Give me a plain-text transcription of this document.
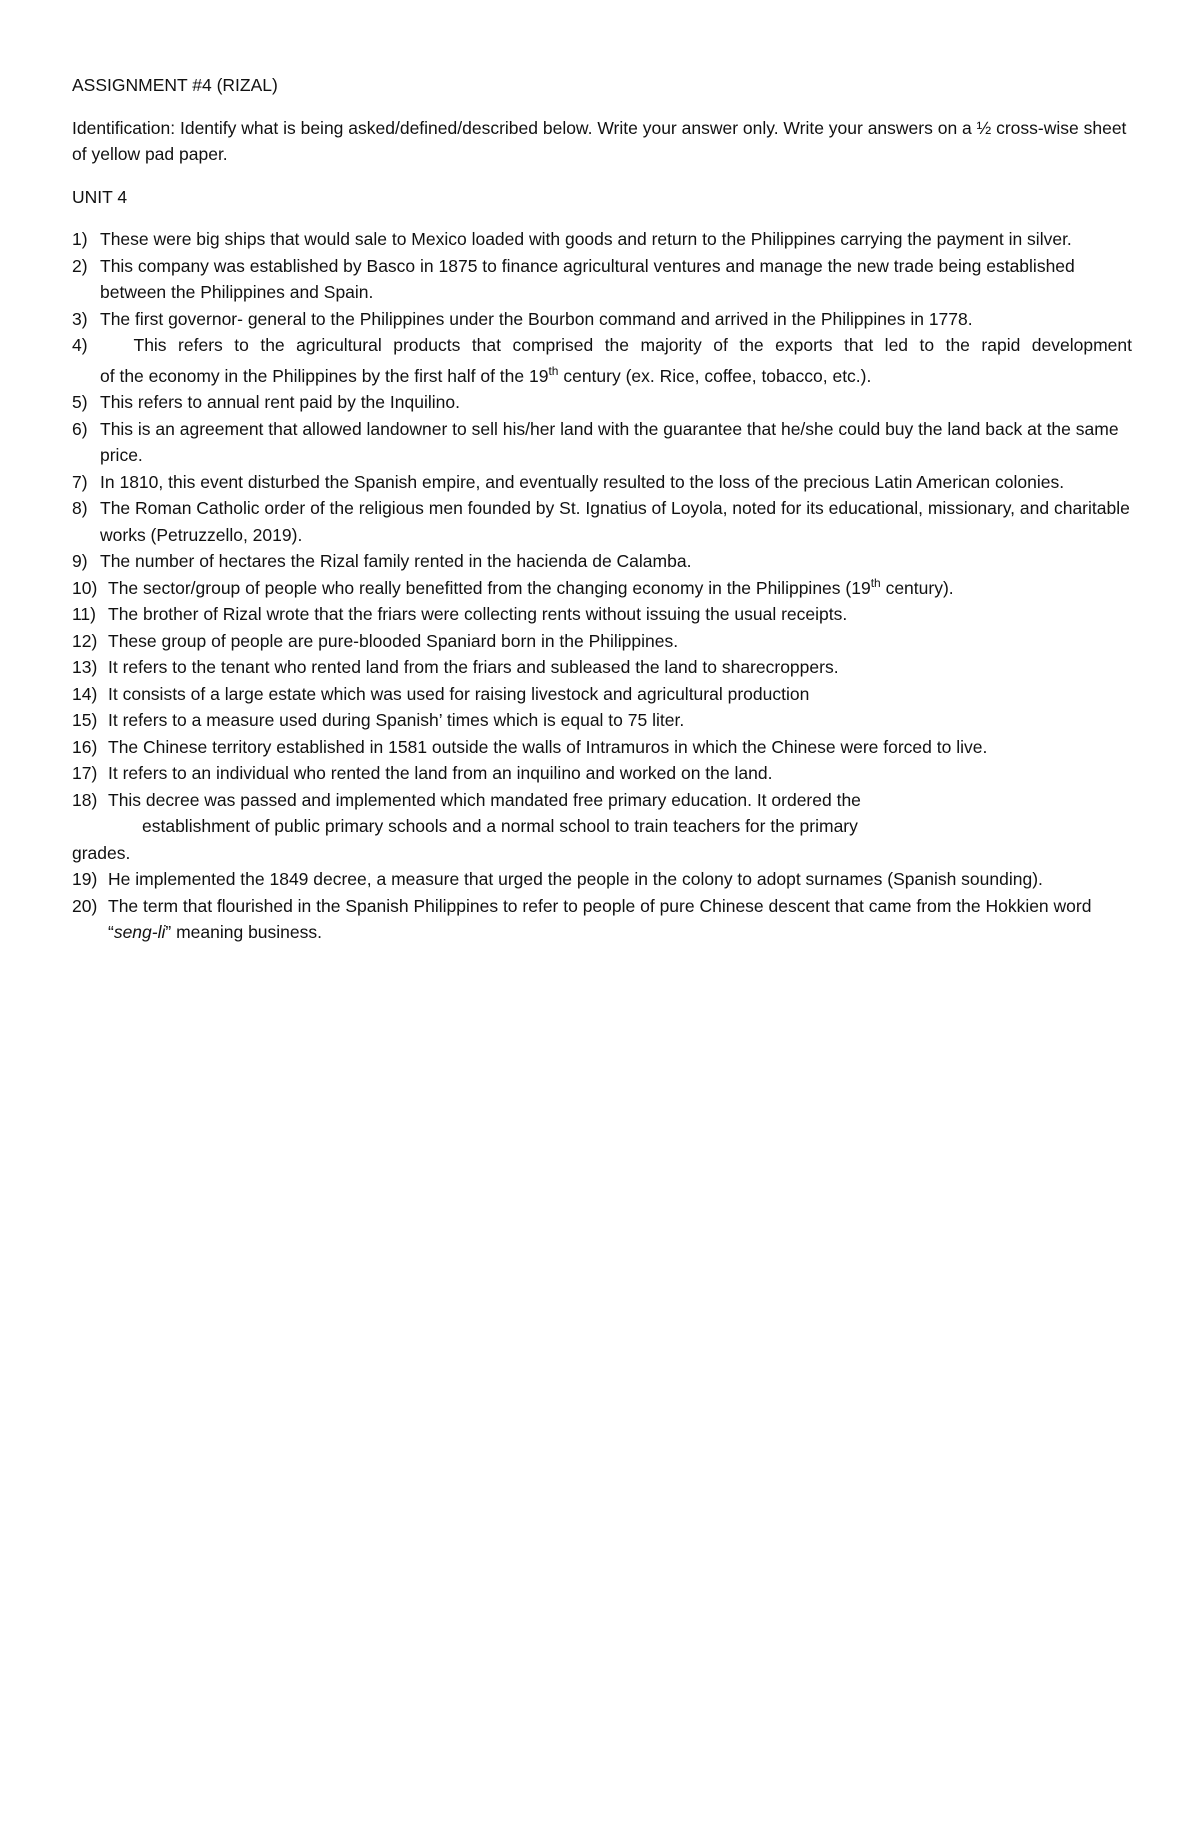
ASSIGNMENT #4 (RIZAL)

Identification: Identify what is being asked/defined/described below. Write your answer only. Write your answers on a ½ cross-wise sheet of yellow pad paper.

UNIT 4

1) These were big ships that would sale to Mexico loaded with goods and return to the Philippines carrying the payment in silver.
2) This company was established by Basco in 1875 to finance agricultural ventures and manage the new trade being established between the Philippines and Spain.
3) The first governor- general to the Philippines under the Bourbon command and arrived in the Philippines in 1778.
4)	This refers to the agricultural products that comprised the majority of the exports that led to the rapid development
of the economy in the Philippines by the first half of the 19th century (ex. Rice, coffee, tobacco, etc.).
5) This refers to annual rent paid by the Inquilino.
6) This is an agreement that allowed landowner to sell his/her land with the guarantee that he/she could buy the land back at the same price.
7) In 1810, this event disturbed the Spanish empire, and eventually resulted to the loss of the precious Latin American colonies.
8) The Roman Catholic order of the religious men founded by St. Ignatius of Loyola, noted for its educational, missionary, and charitable works (Petruzzello, 2019).
9) The number of hectares the Rizal family rented in the hacienda de Calamba.
10) The sector/group of people who really benefitted from the changing economy in the Philippines (19th century).
11) The brother of Rizal wrote that the friars were collecting rents without issuing the usual receipts.
12) These group of people are pure-blooded Spaniard born in the Philippines.
13) It refers to the tenant who rented land from the friars and subleased the land to sharecroppers.
14) It consists of a large estate which was used for raising livestock and agricultural production
15) It refers to a measure used during Spanish’ times which is equal to 75 liter.
16) The Chinese territory established in 1581 outside the walls of Intramuros in which the Chinese were forced to live.
17) It refers to an individual who rented the land from an inquilino and worked on the land.
18) This decree was passed and implemented which mandated free primary education. It ordered the
establishment of public primary schools and a normal school to train teachers for the primary
grades.
19) He implemented the 1849 decree, a measure that urged the people in the colony to adopt surnames (Spanish sounding).
20) The term that flourished in the Spanish Philippines to refer to people of pure Chinese descent that came from the Hokkien word “seng-li” meaning business.
